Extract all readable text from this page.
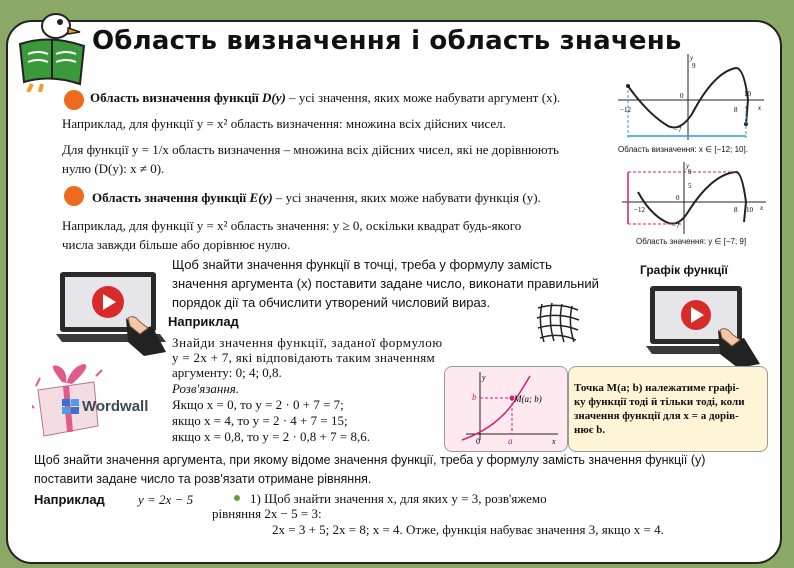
Область визначення і область значень
Область визначення функції D(y) – усі значення, яких може набувати аргумент (x).
Наприклад, для функції y = x² область визначення: множина всіх дійсних чисел.
Для функції y = 1/x область визначення – множина всіх дійсних чисел, які не дорівнюють
нулю (D(y): x ≠ 0).
Область значення функції E(y) – усі значення, яких може набувати функція (y).
Наприклад, для функції y = x² область значення: y ≥ 0, оскільки квадрат будь-якого
числа завжди більше або дорівнює нулю.
9
0
−12	8
10
−7
y
x
Область визначення: x ∈ [−12; 10].
9
5
0
−12	8 10
−7
y
x
Область значення: y ∈ [−7; 9]
Щоб знайти значення функції в точці, треба у формулу замість
значення аргумента (x) поставити задане число, виконати правильний
порядок дії та обчислити утворений числовий вираз.
Наприклад
Знайди значення функції, заданої формулою
y = 2x + 7, які відповідають таким значенням
аргументу: 0; 4; 0,8.
Розв'язання.
Якщо x = 0, то y = 2 · 0 + 7 = 7;
якщо x = 4, то y = 2 · 4 + 7 = 15;
якщо x = 0,8, то y = 2 · 0,8 + 7 = 8,6.
Графік функції
Wordwall
y
b	M(a; b)
0	a	x
Точка M(a; b) належатиме графі-
ку функції тоді й тільки тоді, коли
значення функції для x = a дорів-
нює b.
Щоб знайти значення аргумента, при якому відоме значення функції, треба у формулу замість значення функції (y)
поставити задане число та розв'язати отримане рівняння.
Наприклад	y = 2x − 5	1) Щоб знайти значення x, для яких y = 3, розв'яжемо
рівняння 2x − 5 = 3:
2x = 3 + 5; 2x = 8; x = 4. Отже, функція набуває значення 3, якщо x = 4.
